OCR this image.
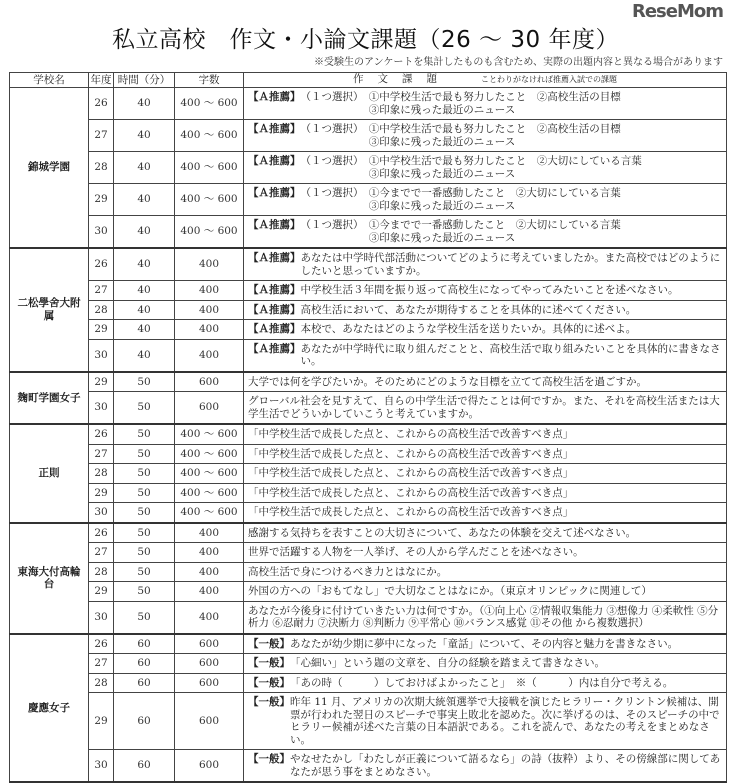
ReseMom
私立高校　作文・小論文課題（26 ～ 30 年度）
※受験生のアンケートを集計したものも含むため、実際の出題内容と異なる場合があります
学校名	年度	時間（分）	字数	作文課題 ことわりがなければ推薦入試での課題
錦城学園	26	40	400 ～ 600	【Ａ推薦】 （１つ選択）　 ①中学校生活で最も努力したこと　②高校生活の目標
③印象に残った最近のニュース

	27	40	400 ～ 600	【Ａ推薦】 （１つ選択）　 ①中学校生活で最も努力したこと　②高校生活の目標
③印象に残った最近のニュース

	28	40	400 ～ 600	【Ａ推薦】 （１つ選択）　 ①中学校生活で最も努力したこと　②大切にしている言葉
③印象に残った最近のニュース

	29	40	400 ～ 600	【Ａ推薦】 （１つ選択）　 ①今までで一番感動したこと　②大切にしている言葉
③印象に残った最近のニュース

	30	40	400 ～ 600	【Ａ推薦】 （１つ選択）　 ①今までで一番感動したこと　②大切にしている言葉
③印象に残った最近のニュース

二松學舍大附属	26	40	400	【Ａ推薦】 あなたは中学時代部活動についてどのように考えていましたか。また高校ではどのようにしたいと思っていますか。

	27	40	400	【Ａ推薦】 中学校生活３年間を振り返って高校生になってやってみたいことを述べなさい。

	28	40	400	【Ａ推薦】 高校生活において、あなたが期待することを具体的に述べてください。

	29	40	400	【Ａ推薦】 本校で、あなたはどのような学校生活を送りたいか。具体的に述べよ。

	30	40	400	【Ａ推薦】 あなたが中学時代に取り組んだことと、高校生活で取り組みたいことを具体的に書きなさい。

麹町学園女子	29	50	600	大学では何を学びたいか。そのためにどのような目標を立てて高校生活を過ごすか。

	30	50	600	グローバル社会を見すえて、自らの中学生活で得たことは何ですか。また、それを高校生活または大学生活でどういかしていこうと考えていますか。

正則	26	50	400 ～ 600	「中学校生活で成長した点と、これからの高校生活で改善すべき点」

	27	50	400 ～ 600	「中学校生活で成長した点と、これからの高校生活で改善すべき点」

	28	50	400 ～ 600	「中学校生活で成長した点と、これからの高校生活で改善すべき点」

	29	50	400 ～ 600	「中学校生活で成長した点と、これからの高校生活で改善すべき点」

	30	50	400 ～ 600	「中学校生活で成長した点と、これからの高校生活で改善すべき点」

東海大付高輪台	26	50	400	感謝する気持ちを表すことの大切さについて、あなたの体験を交えて述べなさい。

	27	50	400	世界で活躍する人物を一人挙げ、その人から学んだことを述べなさい。

	28	50	400	高校生活で身につけるべき力とはなにか。

	29	50	400	外国の方への「おもてなし」で大切なことはなにか。（東京オリンピックに関連して）

	30	50	400	あなたが今後身に付けていきたい力は何ですか。（①向上心 ②情報収集能力 ③想像力 ④柔軟性 ⑤分析力 ⑥忍耐力 ⑦決断力 ⑧判断力 ⑨平常心 ⑩バランス感覚 ⑪その他 から複数選択）

慶應女子	26	60	600	【一般】 あなたが幼少期に夢中になった「童話」について、その内容と魅力を書きなさい。

	27	60	600	【一般】 「心細い」という題の文章を、自分の経験を踏まえて書きなさい。

	28	60	600	【一般】 「あの時（　　　）しておけばよかったこと」　※（　　　）内は自分で考える。

	29	60	600	【一般】 昨年 11 月、アメリカの次期大統領選挙で大接戦を演じたヒラリー・クリントン候補は、開票が行われた翌日のスピーチで事実上敗北を認めた。次に挙げるのは、そのスピーチの中でヒラリー候補が述べた言葉の日本語訳である。これを読んで、あなたの考えをまとめなさい。

	30	60	600	【一般】 やなせたかし「わたしが正義について語るなら」の詩（抜粋）より、その傍線部に関してあなたが思う事をまとめなさい。
